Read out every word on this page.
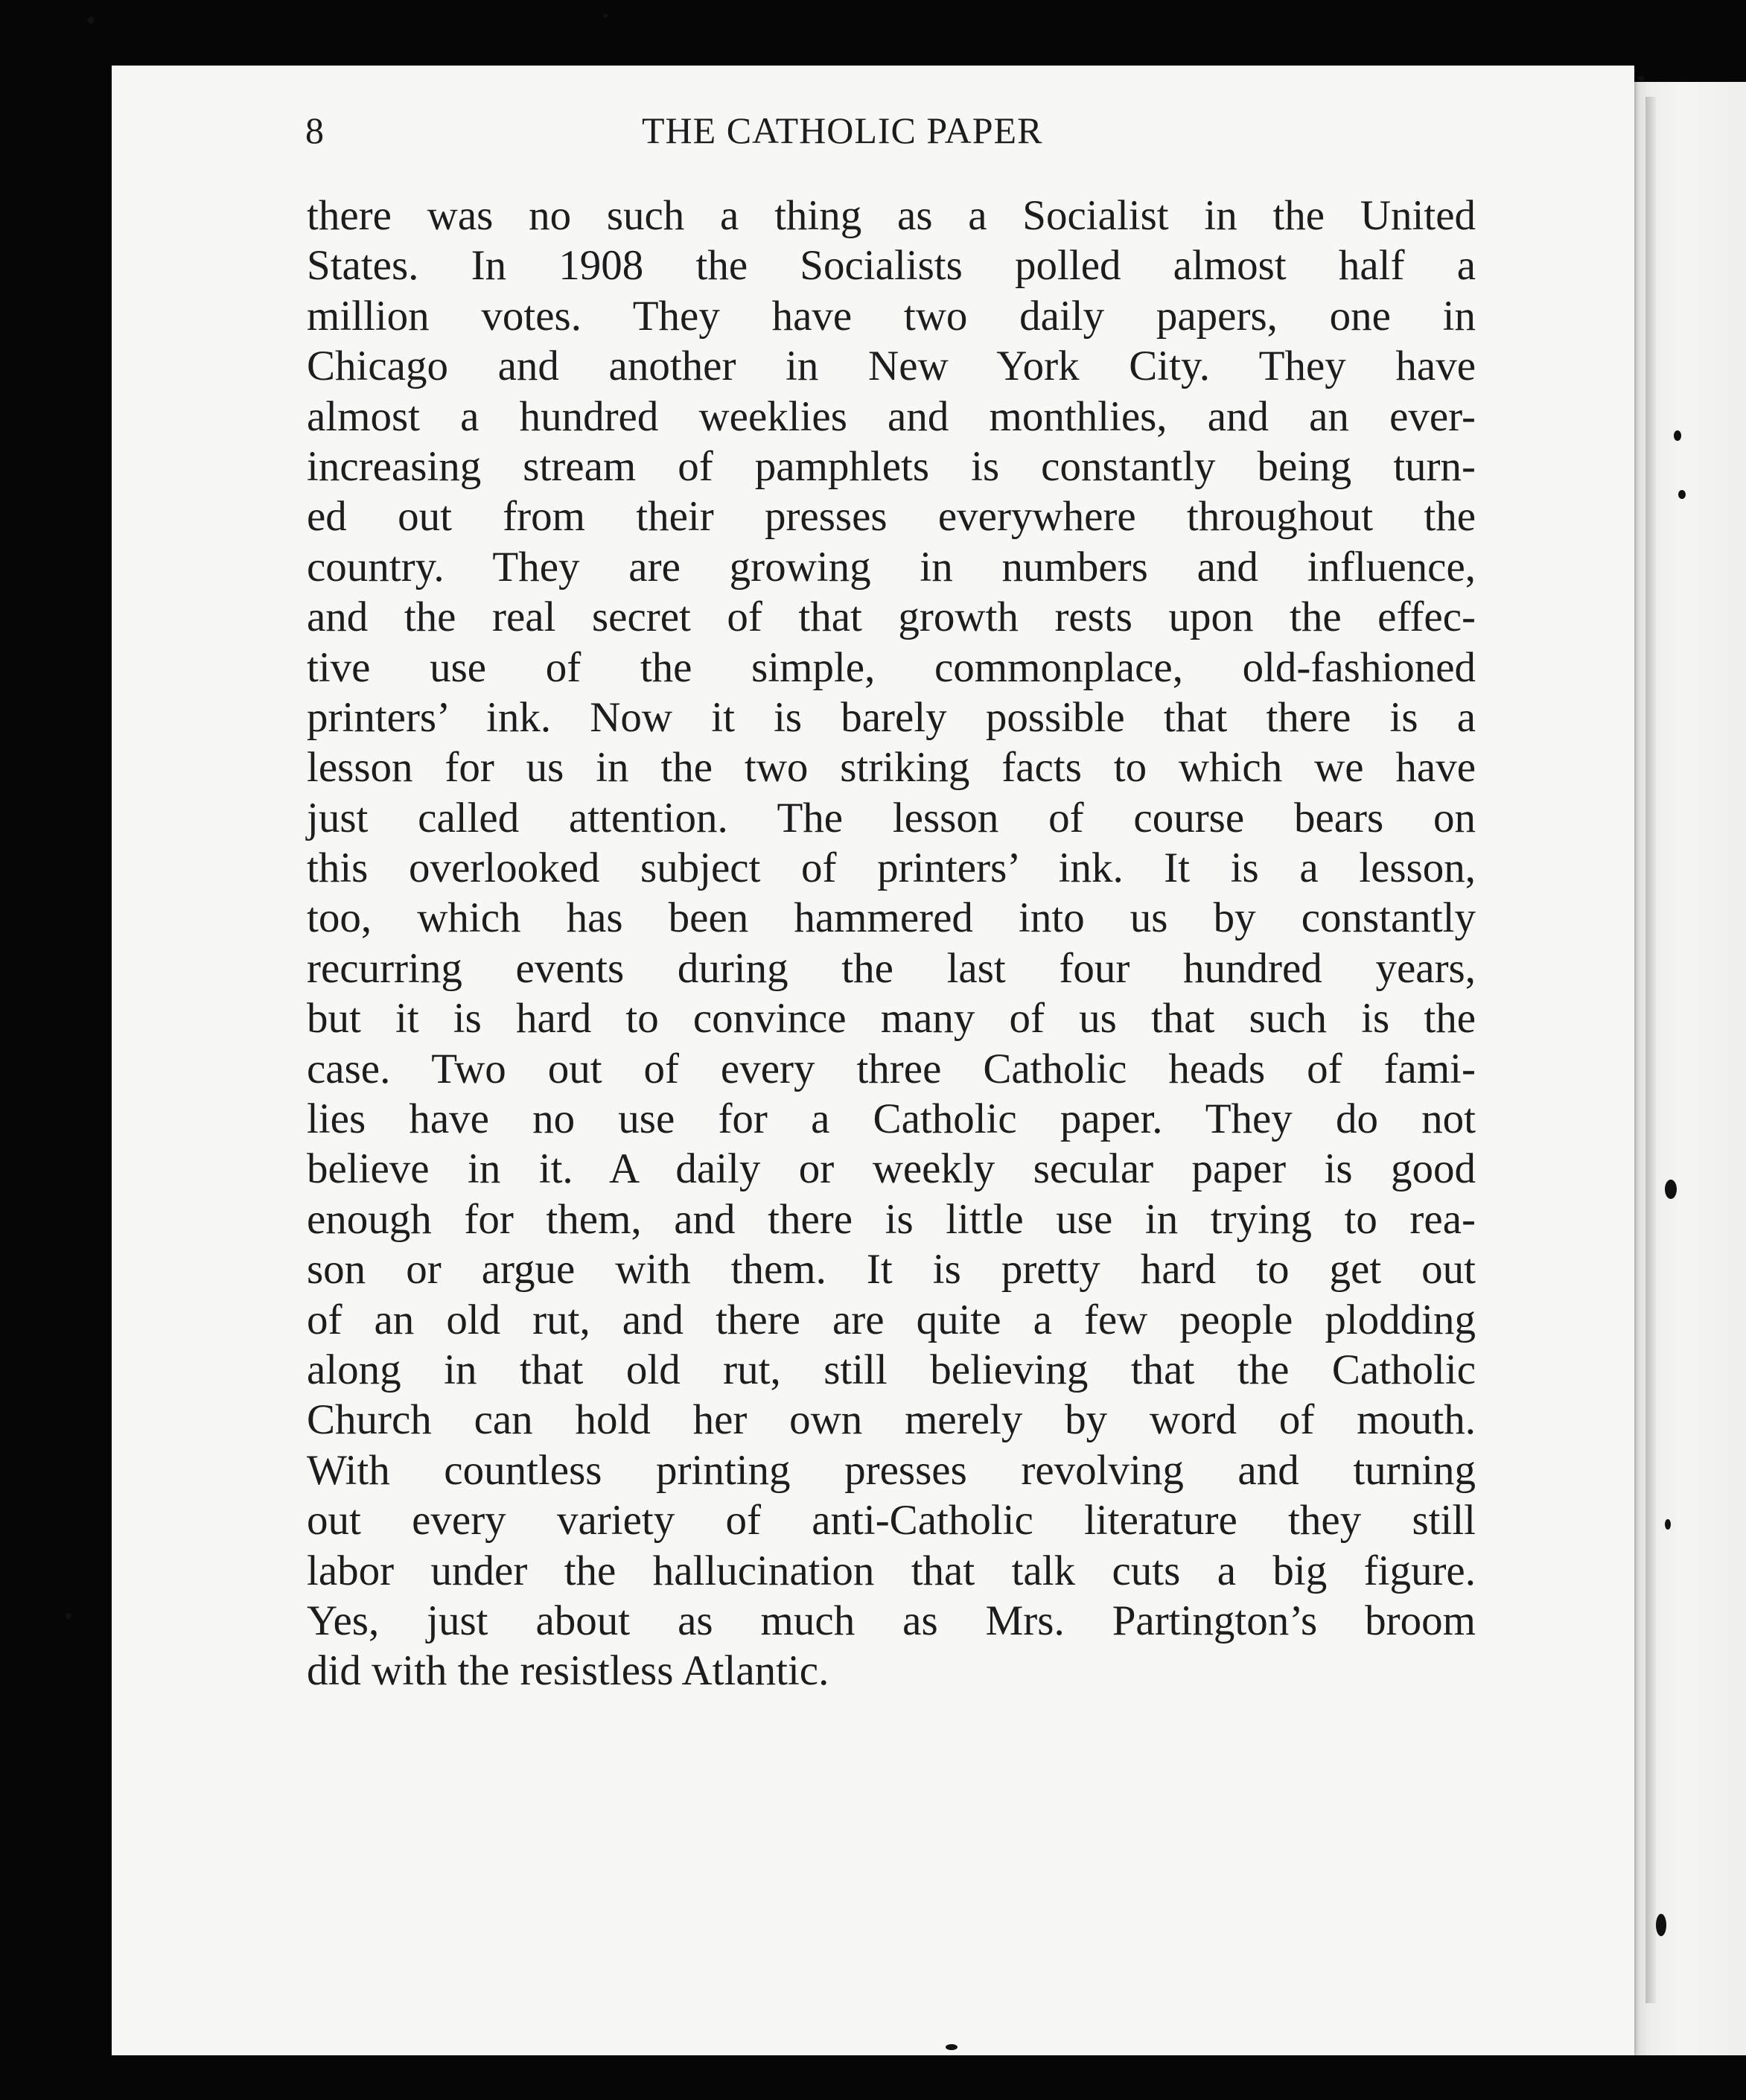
8	THE CATHOLIC PAPER
there was no such a thing as a Socialist in the United
States. In 1908 the Socialists polled almost half a
million votes. They have two daily papers, one in
Chicago and another in New York City. They have
almost a hundred weeklies and monthlies, and an ever-
increasing stream of pamphlets is constantly being turn-
ed out from their presses everywhere throughout the
country. They are growing in numbers and influence,
and the real secret of that growth rests upon the effec-
tive use of the simple, commonplace, old-fashioned
printers’ ink. Now it is barely possible that there is a
lesson for us in the two striking facts to which we have
just called attention. The lesson of course bears on
this overlooked subject of printers’ ink. It is a lesson,
too, which has been hammered into us by constantly
recurring events during the last four hundred years,
but it is hard to convince many of us that such is the
case. Two out of every three Catholic heads of fami-
lies have no use for a Catholic paper. They do not
believe in it. A daily or weekly secular paper is good
enough for them, and there is little use in trying to rea-
son or argue with them. It is pretty hard to get out
of an old rut, and there are quite a few people plodding
along in that old rut, still believing that the Catholic
Church can hold her own merely by word of mouth.
With countless printing presses revolving and turning
out every variety of anti-Catholic literature they still
labor under the hallucination that talk cuts a big figure.
Yes, just about as much as Mrs. Partington’s broom
did with the resistless Atlantic.
